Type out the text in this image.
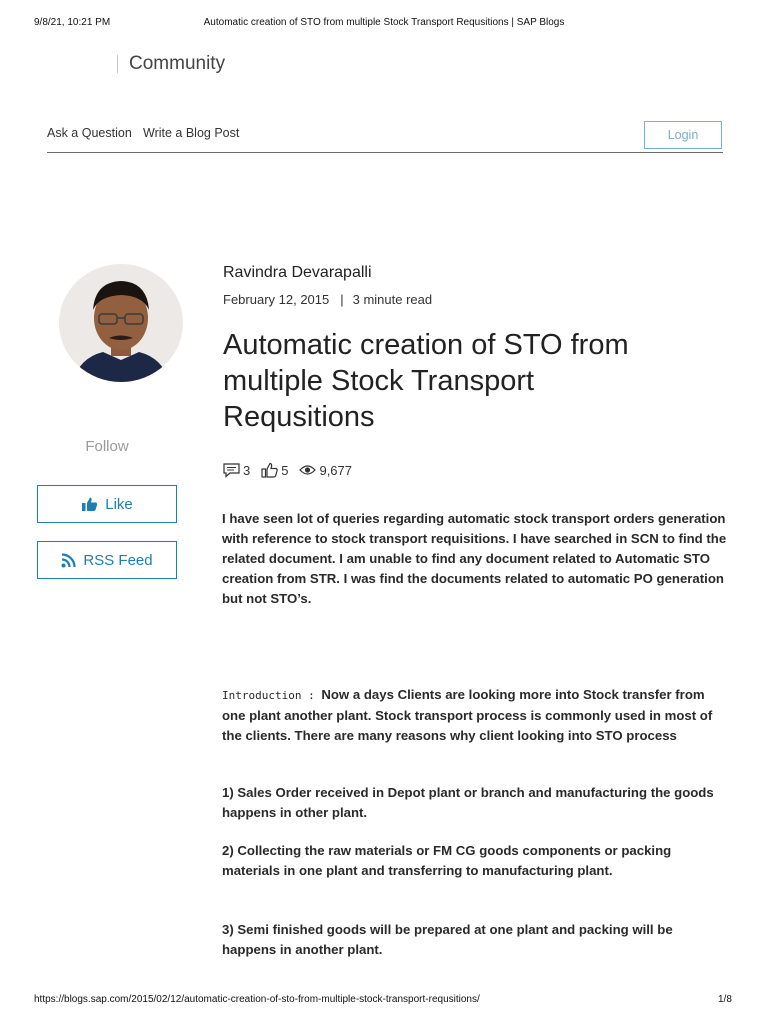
9/8/21, 10:21 PM	Automatic creation of STO from multiple Stock Transport Requsitions | SAP Blogs
Community
Ask a Question Write a Blog Post	Login
Follow
Like
RSS Feed
Ravindra Devarapalli
February 12, 2015 | 3 minute read
Automatic creation of STO from multiple Stock Transport Requsitions
3 5 9,677
I have seen lot of queries regarding automatic stock transport orders generation with reference to stock transport requisitions. I have searched in SCN to find the related document. I am unable to find any document related to Automatic STO creation from STR. I was find the documents related to automatic PO generation but not STO’s.
Introduction : Now a days Clients are looking more into Stock transfer from one plant another plant. Stock transport process is commonly used in most of the clients. There are many reasons why client looking into STO process
1) Sales Order received in Depot plant or branch and manufacturing the goods happens in other plant.
2) Collecting the raw materials or FM CG goods components or packing materials in one plant and transferring to manufacturing plant.
3) Semi finished goods will be prepared at one plant and packing will be happens in another plant.
https://blogs.sap.com/2015/02/12/automatic-creation-of-sto-from-multiple-stock-transport-requsitions/	1/8
